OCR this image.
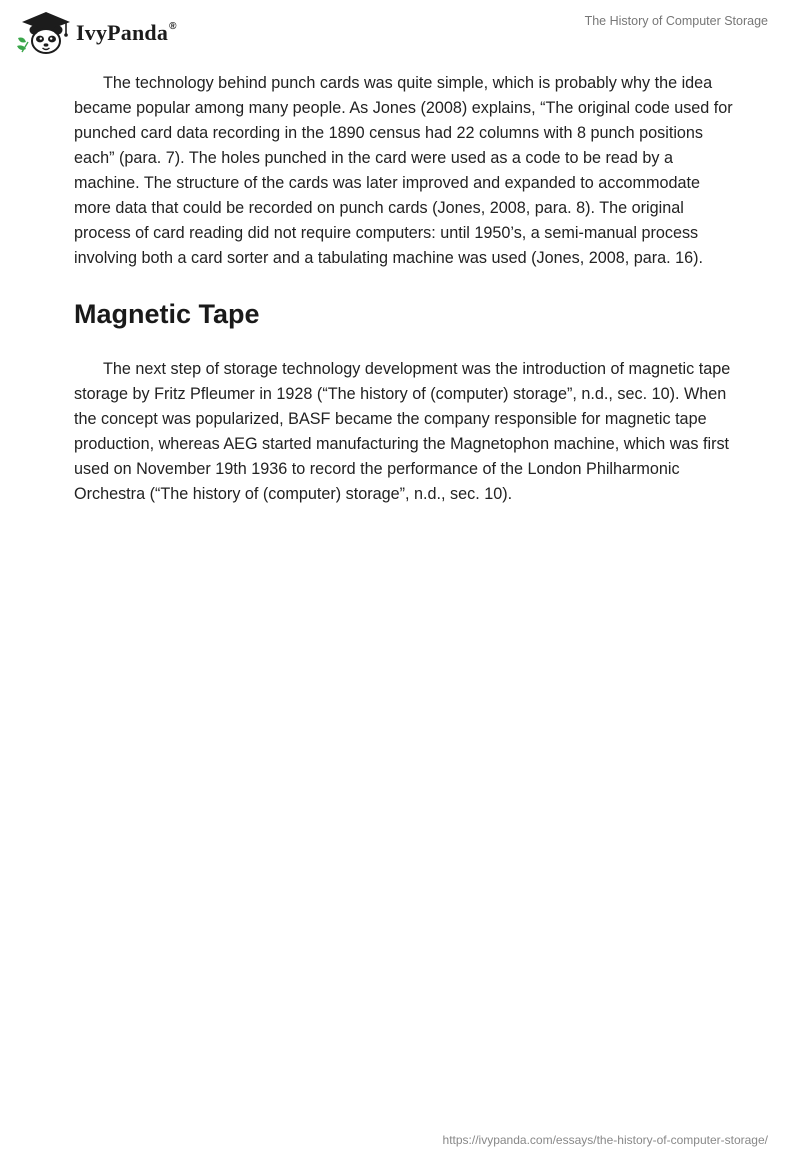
IvyPanda®	The History of Computer Storage

The technology behind punch cards was quite simple, which is probably why the idea became popular among many people. As Jones (2008) explains, “The original code used for punched card data recording in the 1890 census had 22 columns with 8 punch positions each” (para. 7). The holes punched in the card were used as a code to be read by a machine. The structure of the cards was later improved and expanded to accommodate more data that could be recorded on punch cards (Jones, 2008, para. 8). The original process of card reading did not require computers: until 1950’s, a semi-manual process involving both a card sorter and a tabulating machine was used (Jones, 2008, para. 16).

Magnetic Tape

The next step of storage technology development was the introduction of magnetic tape storage by Fritz Pfleumer in 1928 (“The history of (computer) storage”, n.d., sec. 10). When the concept was popularized, BASF became the company responsible for magnetic tape production, whereas AEG started manufacturing the Magnetophon machine, which was first used on November 19th 1936 to record the performance of the London Philharmonic Orchestra (“The history of (computer) storage”, n.d., sec. 10).

https://ivypanda.com/essays/the-history-of-computer-storage/
